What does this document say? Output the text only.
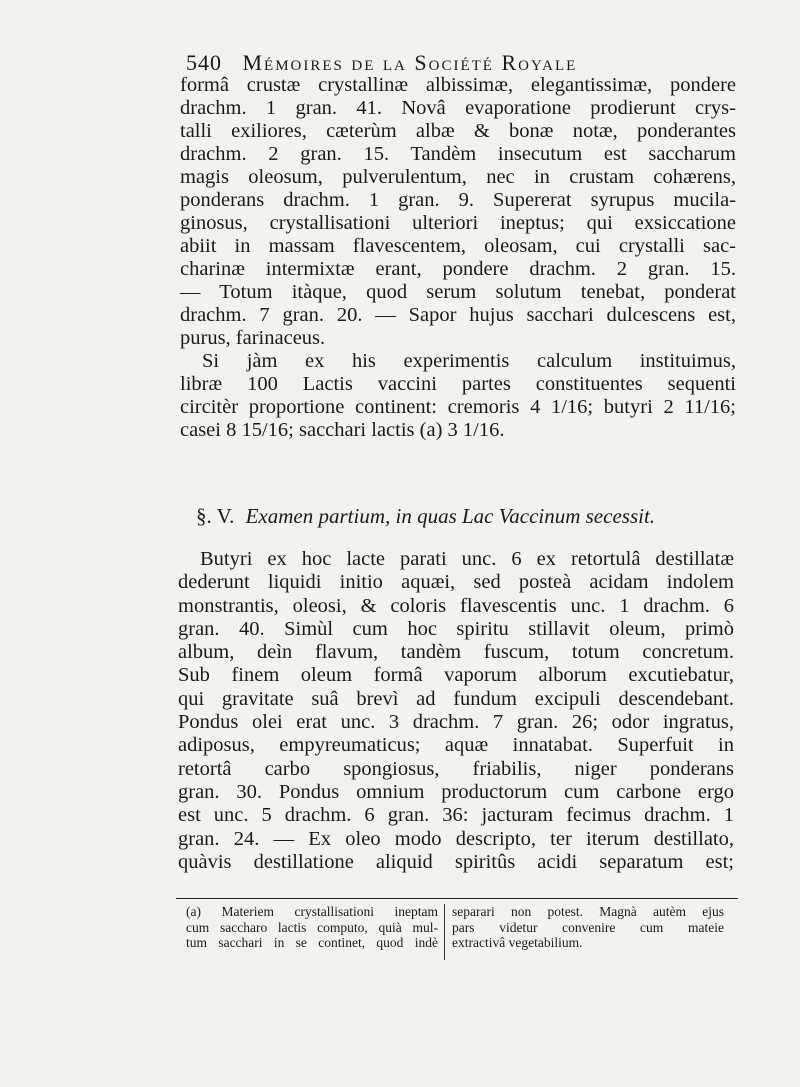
540 Mémoires de la Société Royale
formâ crustæ crystallinæ albissimæ, elegantissimæ, pondere
drachm. 1 gran. 41. Novâ evaporatione prodierunt crys-
talli exiliores, cæterùm albæ & bonæ notæ, ponderantes
drachm. 2 gran. 15. Tandèm insecutum est saccharum
magis oleosum, pulverulentum, nec in crustam cohærens,
ponderans drachm. 1 gran. 9. Supererat syrupus mucila-
ginosus, crystallisationi ulteriori ineptus; qui exsiccatione
abiit in massam flavescentem, oleosam, cui crystalli sac-
charinæ intermixtæ erant, pondere drachm. 2 gran. 15.
— Totum itàque, quod serum solutum tenebat, ponderat
drachm. 7 gran. 20. — Sapor hujus sacchari dulcescens est,
purus, farinaceus.
Si jàm ex his experimentis calculum instituimus,
libræ 100 Lactis vaccini partes constituentes sequenti
circitèr proportione continent: cremoris 4 1/16; butyri 2 11/16;
casei 8 15/16; sacchari lactis (a) 3 1/16.
§. V. Examen partium, in quas Lac Vaccinum secessit.
Butyri ex hoc lacte parati unc. 6 ex retortulâ destillatæ
dederunt liquidi initio aquæi, sed posteà acidam indolem
monstrantis, oleosi, & coloris flavescentis unc. 1 drachm. 6
gran. 40. Simùl cum hoc spiritu stillavit oleum, primò
album, deìn flavum, tandèm fuscum, totum concretum.
Sub finem oleum formâ vaporum alborum excutiebatur,
qui gravitate suâ brevì ad fundum excipuli descendebant.
Pondus olei erat unc. 3 drachm. 7 gran. 26; odor ingratus,
adiposus, empyreumaticus; aquæ innatabat. Superfuit in
retortâ carbo spongiosus, friabilis, niger ponderans
gran. 30. Pondus omnium productorum cum carbone ergo
est unc. 5 drachm. 6 gran. 36: jacturam fecimus drachm. 1
gran. 24. — Ex oleo modo descripto, ter iterum destillato,
quàvis destillatione aliquid spiritûs acidi separatum est;
(a) Materiem crystallisationi ineptam
cum saccharo lactis computo, quià mul-
tum sacchari in se continet, quod indè
separari non potest. Magnà autèm ejus
pars videtur convenire cum mateie
extractivâ vegetabilium.
